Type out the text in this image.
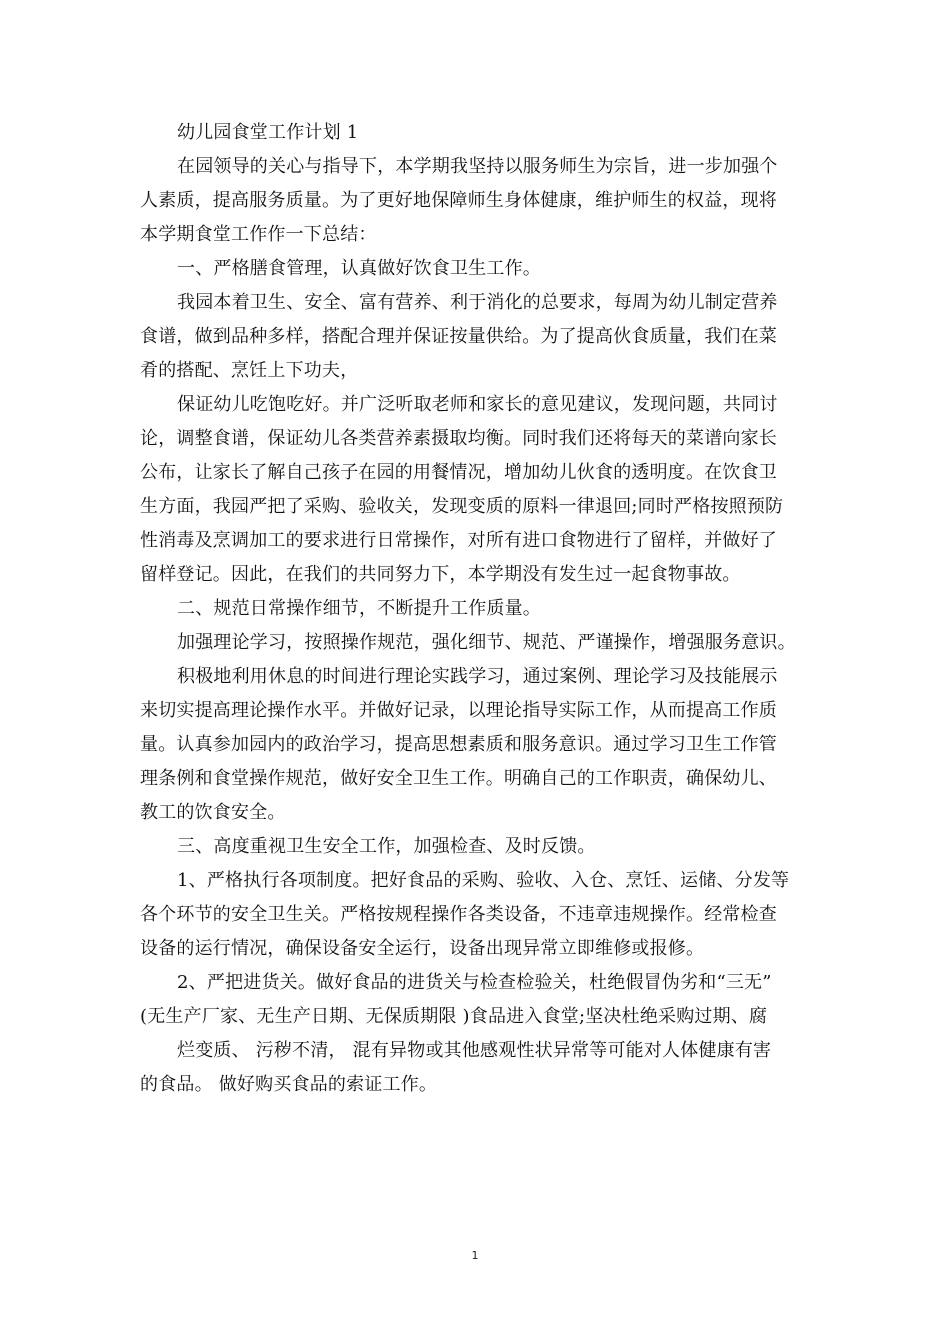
幼儿园食堂工作计划 1

在园领导的关心与指导下，本学期我坚持以服务师生为宗旨，进一步加强个

人素质，提高服务质量。为了更好地保障师生身体健康，维护师生的权益，现将

本学期食堂工作作一下总结：

一、严格膳食管理，认真做好饮食卫生工作。

我园本着卫生、安全、富有营养、利于消化的总要求，每周为幼儿制定营养

食谱，做到品种多样，搭配合理并保证按量供给。为了提高伙食质量，我们在菜

肴的搭配、烹饪上下功夫，

保证幼儿吃饱吃好。并广泛听取老师和家长的意见建议，发现问题，共同讨

论，调整食谱，保证幼儿各类营养素摄取均衡。同时我们还将每天的菜谱向家长

公布，让家长了解自己孩子在园的用餐情况，增加幼儿伙食的透明度。在饮食卫

生方面，我园严把了采购、验收关，发现变质的原料一律退回;同时严格按照预防

性消毒及烹调加工的要求进行日常操作，对所有进口食物进行了留样，并做好了

留样登记。因此，在我们的共同努力下，本学期没有发生过一起食物事故。

二、规范日常操作细节，不断提升工作质量。

加强理论学习，按照操作规范，强化细节、规范、严谨操作，增强服务意识。

积极地利用休息的时间进行理论实践学习，通过案例、理论学习及技能展示

来切实提高理论操作水平。并做好记录，以理论指导实际工作，从而提高工作质

量。认真参加园内的政治学习，提高思想素质和服务意识。通过学习卫生工作管

理条例和食堂操作规范，做好安全卫生工作。明确自己的工作职责，确保幼儿、

教工的饮食安全。

三、高度重视卫生安全工作，加强检查、及时反馈。

1、严格执行各项制度。把好食品的采购、验收、入仓、烹饪、运储、分发等

各个环节的安全卫生关。严格按规程操作各类设备，不违章违规操作。经常检查

设备的运行情况，确保设备安全运行，设备出现异常立即维修或报修。

2、严把进货关。做好食品的进货关与检查检验关，杜绝假冒伪劣和“三无”

(无生产厂家、无生产日期、无保质期限 )食品进入食堂;坚决杜绝采购过期、腐

烂变质、 污秽不清， 混有异物或其他感观性状异常等可能对人体健康有害

的食品。 做好购买食品的索证工作。

1
